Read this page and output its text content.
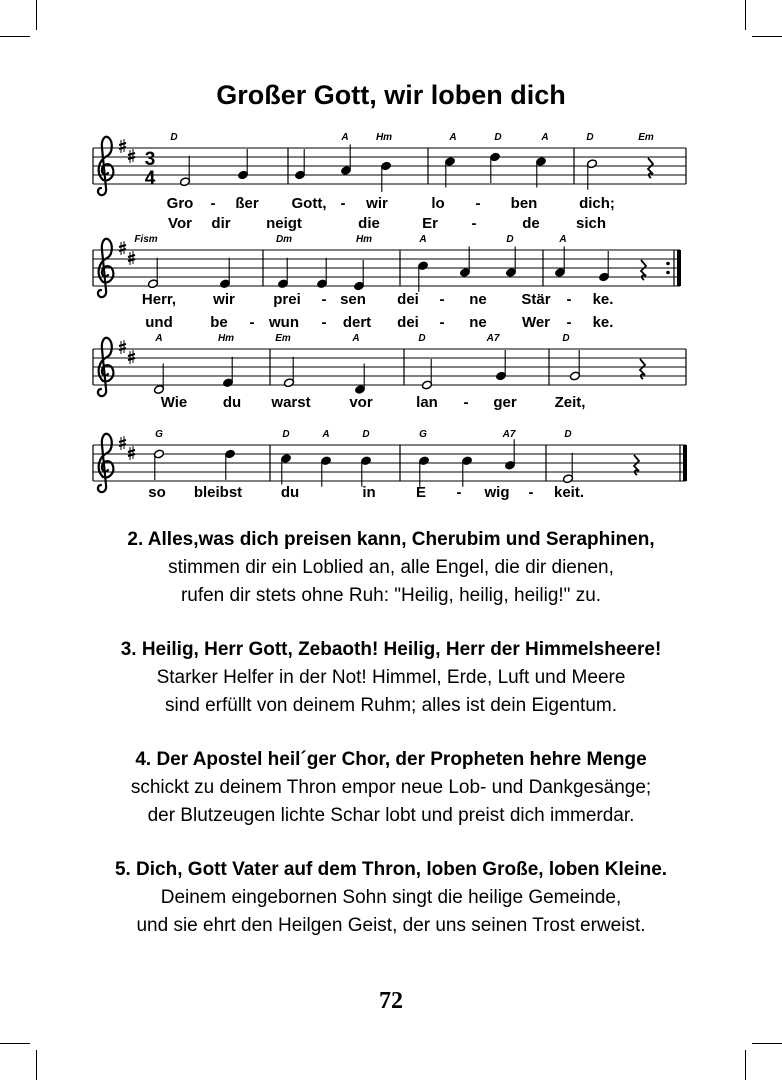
Großer Gott, wir loben dich
3
4
D	A	Hm	A	D	A	D	Em
Gro - ßer Gott, - wir	lo - ben	dich;
Vor dir neigt	die	Er -	de sich
Fism	Dm	Hm	A	D	A
Herr, wir	prei - sen dei - ne Stär - ke.
und be - wun - dert dei - ne Wer - ke.
A	Hm	Em	A	D	A7	D
Wie du warst	vor	lan - ger	Zeit,
G	D	A	D	G	A7	D
so bleibst	du	in	E - wig - keit.
2. Alles,was dich preisen kann, Cherubim und Seraphinen,
stimmen dir ein Loblied an, alle Engel, die dir dienen,
rufen dir stets ohne Ruh: "Heilig, heilig, heilig!" zu.
3. Heilig, Herr Gott, Zebaoth! Heilig, Herr der Himmelsheere!
Starker Helfer in der Not! Himmel, Erde, Luft und Meere
sind erfüllt von deinem Ruhm; alles ist dein Eigentum.
4. Der Apostel heil´ger Chor, der Propheten hehre Menge
schickt zu deinem Thron empor neue Lob- und Dankgesänge;
der Blutzeugen lichte Schar lobt und preist dich immerdar.
5. Dich, Gott Vater auf dem Thron, loben Große, loben Kleine.
Deinem eingebornen Sohn singt die heilige Gemeinde,
und sie ehrt den Heilgen Geist, der uns seinen Trost erweist.
72
